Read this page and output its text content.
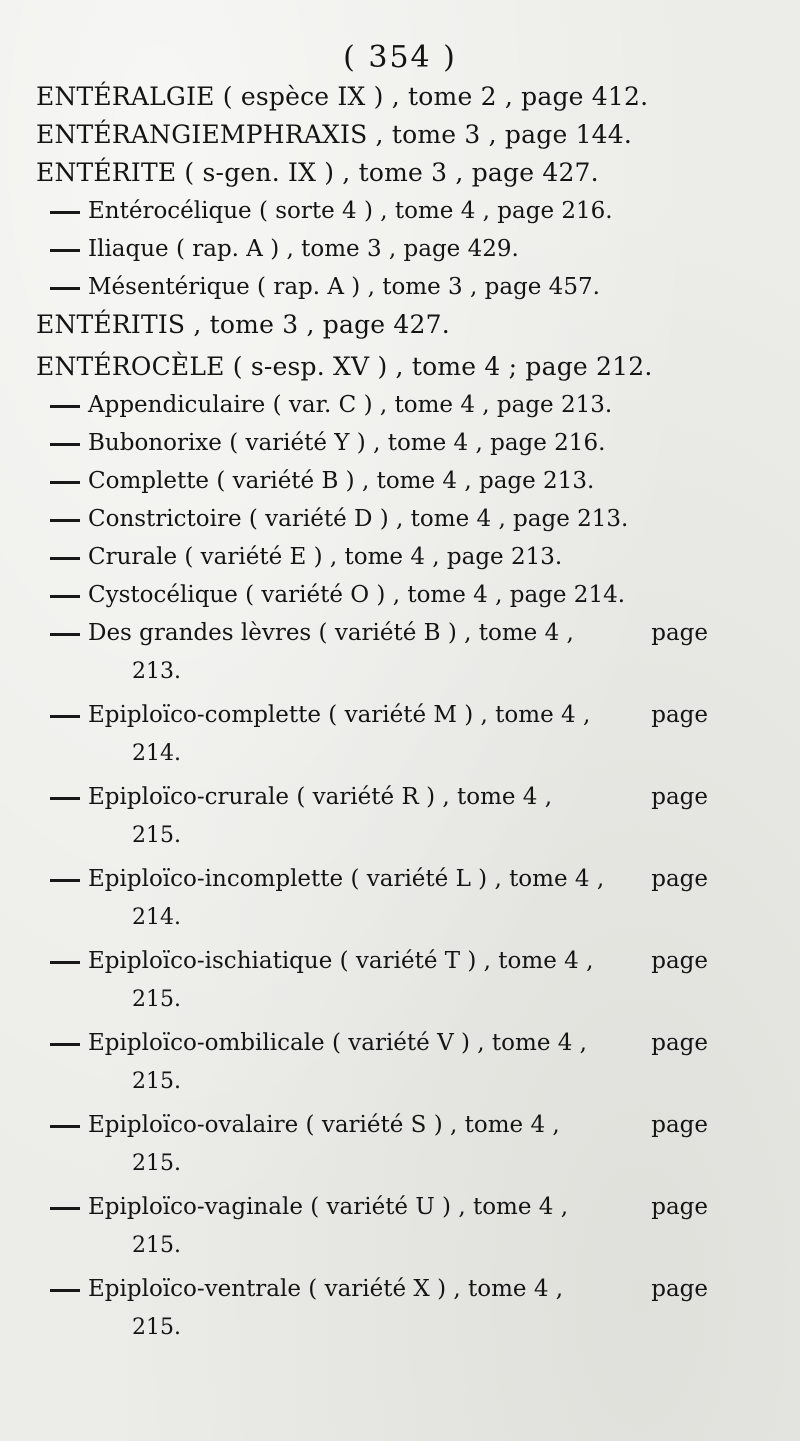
( 354 )
ENTÉRALGIE ( espèce IX ) , tome 2 , page 412.
ENTÉRANGIEMPHRAXIS , tome 3 , page 144.
ENTÉRITE ( s-gen. IX ) , tome 3 , page 427.
Entérocélique ( sorte 4 ) , tome 4 , page 216.
Iliaque ( rap. A ) , tome 3 , page 429.
Mésentérique ( rap. A ) , tome 3 , page 457.
ENTÉRITIS , tome 3 , page 427.
ENTÉROCÈLE ( s-esp. XV ) , tome 4 ; page 212.
Appendiculaire ( var. C ) , tome 4 , page 213.
Bubonorixe ( variété Y ) , tome 4 , page 216.
Complette ( variété B ) , tome 4 , page 213.
Constrictoire ( variété D ) , tome 4 , page 213.
Crurale ( variété E ) , tome 4 , page 213.
Cystocélique ( variété O ) , tome 4 , page 214.
Des grandes lèvres ( variété B ) , tome 4 ,	page
213.
Epiploïco-complette ( variété M ) , tome 4 ,	page
214.
Epiploïco-crurale ( variété R ) , tome 4 ,	page
215.
Epiploïco-incomplette ( variété L ) , tome 4 , page
214.
Epiploïco-ischiatique ( variété T ) , tome 4 ,	page
215.
Epiploïco-ombilicale ( variété V ) , tome 4 ,	page
215.
Epiploïco-ovalaire ( variété S ) , tome 4 ,	page
215.
Epiploïco-vaginale ( variété U ) , tome 4 ,	page
215.
Epiploïco-ventrale ( variété X ) , tome 4 ,	page
215.
